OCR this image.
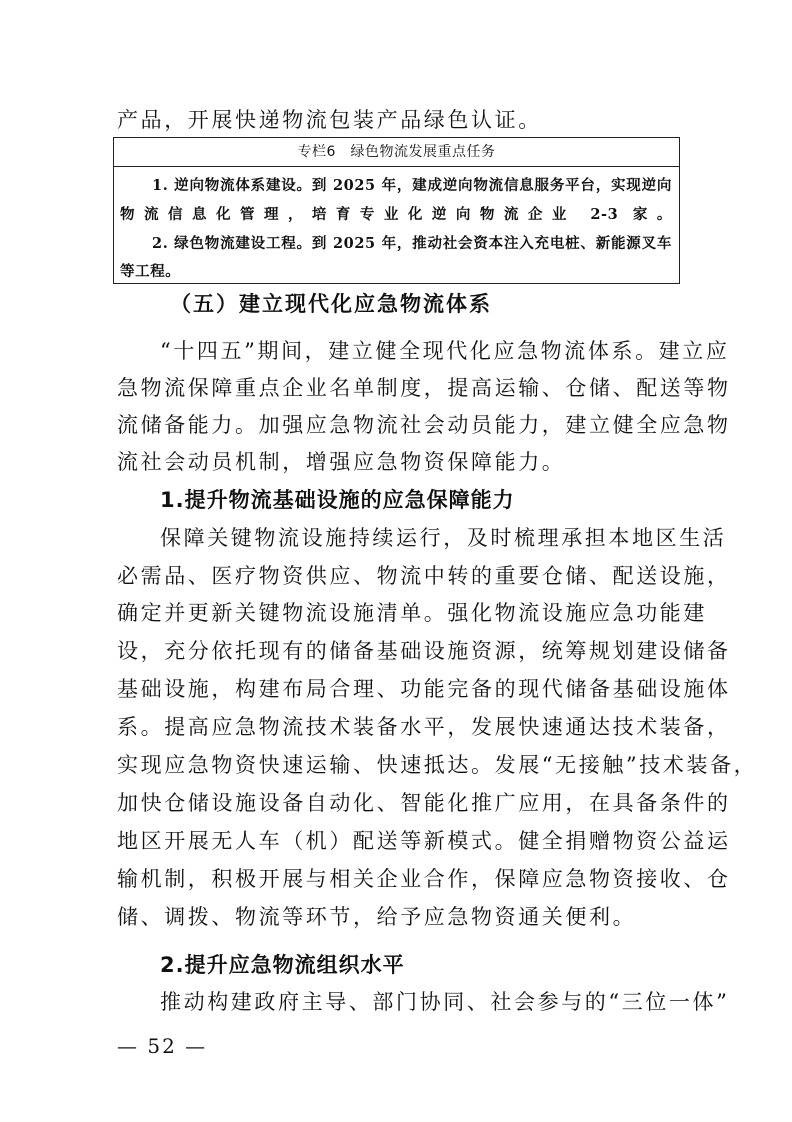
产品，开展快递物流包装产品绿色认证。
专栏6　绿色物流发展重点任务
1. 逆向物流体系建设。到 2025 年，建成逆向物流信息服务平台，实现逆向
物流信息化管理，培育专业化逆向物流企业 2-3 家。
2. 绿色物流建设工程。到 2025 年，推动社会资本注入充电桩、新能源叉车
等工程。
（五）建立现代化应急物流体系
“十四五”期间，建立健全现代化应急物流体系。建立应
急物流保障重点企业名单制度，提高运输、仓储、配送等物
流储备能力。加强应急物流社会动员能力，建立健全应急物
流社会动员机制，增强应急物资保障能力。
1.提升物流基础设施的应急保障能力
保障关键物流设施持续运行，及时梳理承担本地区生活
必需品、医疗物资供应、物流中转的重要仓储、配送设施，
确定并更新关键物流设施清单。强化物流设施应急功能建
设，充分依托现有的储备基础设施资源，统筹规划建设储备
基础设施，构建布局合理、功能完备的现代储备基础设施体
系。提高应急物流技术装备水平，发展快速通达技术装备，
实现应急物资快速运输、快速抵达。发展“无接触”技术装备，
加快仓储设施设备自动化、智能化推广应用，在具备条件的
地区开展无人车（机）配送等新模式。健全捐赠物资公益运
输机制，积极开展与相关企业合作，保障应急物资接收、仓
储、调拨、物流等环节，给予应急物资通关便利。
2.提升应急物流组织水平
推动构建政府主导、部门协同、社会参与的“三位一体”
— 52 —
